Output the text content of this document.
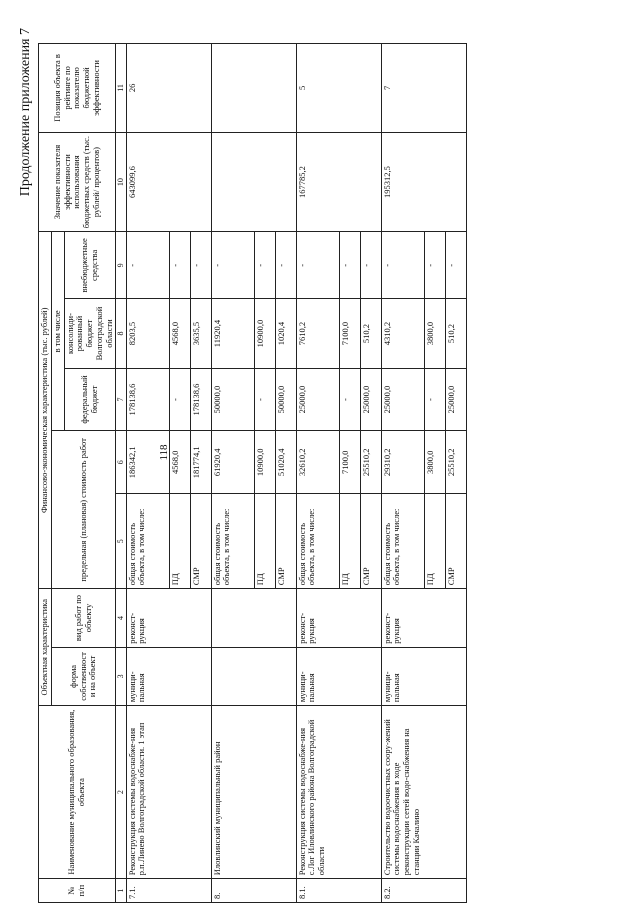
118
Продолжение приложения 7
№ п/п	Наименование муниципального образования, объекта	Объектная характеристика		Финансово-экономическая характеристика (тыс. рублей)					Значение показателя эффективности использования бюджетных средств (тыс. рублей/ процентов)	Позиция объекта в рейтинге по показателю бюджетной эффективности
		форма собственности на объект	вид работ по объекту	предельная (плановая) стоимость работ		в том числе				
						федеральный бюджет	консолиди-рованный бюджет Волгоградской области	внебюджетные средства		
1	2	3	4	5	6	7	8	9	10	11
7.1.	Реконструкция системы водоснабже-ния р.п.Линево Волгоградской области. 1 этап	муници-пальная	реконст-рукция	общая стоимость объекта, в том числе:	186342,1	178138,6	8203,5	-	643099,6	26
				ПД	4568,0	-	4568,0	-		
				СМР	181774,1	178138,6	3635,5	-		
8.	Иловлинский муниципальный район			общая стоимость объекта, в том числе:	61920,4	50000,0	11920,4	-		
				ПД	10900,0	-	10900,0	-		
				СМР	51020,4	50000,0	1020,4	-		
8.1.	Реконструкция системы водоснабже-ния с.Лог Иловлинского района Волгоградской области	муници-пальная	реконст-рукция	общая стоимость объекта, в том числе:	32610,2	25000,0	7610,2	-	167785,2	5
				ПД	7100,0	-	7100,0	-		
				СМР	25510,2	25000,0	510,2	-		
8.2.	Строительство водоочистных соору-жений системы водоснабжения в ходе реконструкции сетей водо-снабжения на станции Качалино	муници-пальная	реконст-рукция	общая стоимость объекта, в том числе:	29310,2	25000,0	4310,2	-	195312,5	7
				ПД	3800,0	-	3800,0	-		
				СМР	25510,2	25000,0	510,2	-		
